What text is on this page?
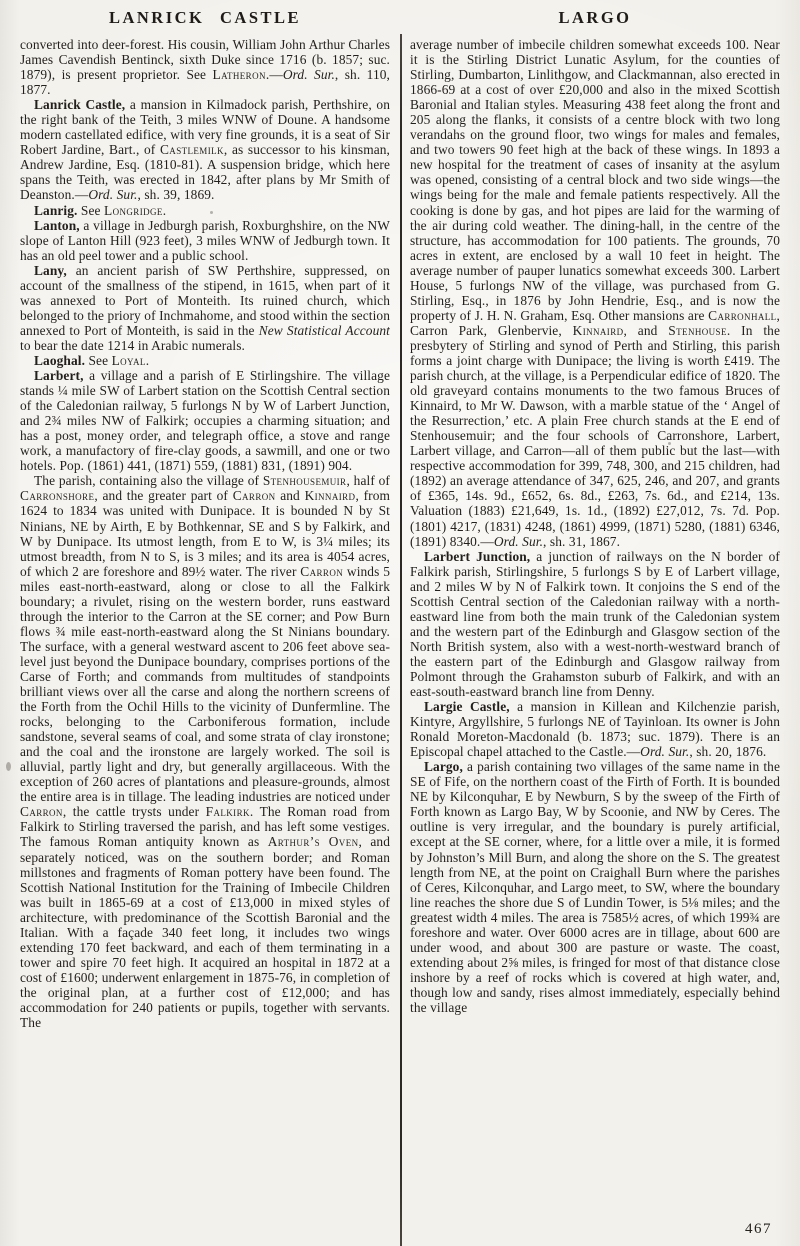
LANRICK CASTLE	LARGO

converted into deer-forest. His cousin, William John Arthur Charles James Cavendish Bentinck, sixth Duke since 1716 (b. 1857; suc. 1879), is present proprietor. See Latheron.—Ord. Sur., sh. 110, 1877.

Lanrick Castle, a mansion in Kilmadock parish, Perthshire, on the right bank of the Teith, 3 miles WNW of Doune. A handsome modern castellated edifice, with very fine grounds, it is a seat of Sir Robert Jardine, Bart., of Castlemilk, as successor to his kinsman, Andrew Jardine, Esq. (1810-81). A suspension bridge, which here spans the Teith, was erected in 1842, after plans by Mr Smith of Deanston.—Ord. Sur., sh. 39, 1869.

Lanrig. See Longridge.

Lanton, a village in Jedburgh parish, Roxburghshire, on the NW slope of Lanton Hill (923 feet), 3 miles WNW of Jedburgh town. It has an old peel tower and a public school.

Lany, an ancient parish of SW Perthshire, suppressed, on account of the smallness of the stipend, in 1615, when part of it was annexed to Port of Monteith. Its ruined church, which belonged to the priory of Inchmahome, and stood within the section annexed to Port of Monteith, is said in the New Statistical Account to bear the date 1214 in Arabic numerals.

Laoghal. See Loyal.

Larbert, a village and a parish of E Stirlingshire. The village stands ¼ mile SW of Larbert station on the Scottish Central section of the Caledonian railway, 5 furlongs N by W of Larbert Junction, and 2¾ miles NW of Falkirk; occupies a charming situation; and has a post, money order, and telegraph office, a stove and range work, a manufactory of fire-clay goods, a sawmill, and one or two hotels. Pop. (1861) 441, (1871) 559, (1881) 831, (1891) 904.

The parish, containing also the village of Stenhousemuir, half of Carronshore, and the greater part of Carron and Kinnaird, from 1624 to 1834 was united with Dunipace. It is bounded N by St Ninians, NE by Airth, E by Bothkennar, SE and S by Falkirk, and W by Dunipace. Its utmost length, from E to W, is 3¼ miles; its utmost breadth, from N to S, is 3 miles; and its area is 4054 acres, of which 2 are foreshore and 89½ water. The river Carron winds 5 miles east-north-eastward, along or close to all the Falkirk boundary; a rivulet, rising on the western border, runs eastward through the interior to the Carron at the SE corner; and Pow Burn flows ¾ mile east-north-eastward along the St Ninians boundary. The surface, with a general westward ascent to 206 feet above sea-level just beyond the Dunipace boundary, comprises portions of the Carse of Forth; and commands from multitudes of standpoints brilliant views over all the carse and along the northern screens of the Forth from the Ochil Hills to the vicinity of Dunfermline. The rocks, belonging to the Carboniferous formation, include sandstone, several seams of coal, and some strata of clay ironstone; and the coal and the ironstone are largely worked. The soil is alluvial, partly light and dry, but generally argillaceous. With the exception of 260 acres of plantations and pleasure-grounds, almost the entire area is in tillage. The leading industries are noticed under Carron, the cattle trysts under Falkirk. The Roman road from Falkirk to Stirling traversed the parish, and has left some vestiges. The famous Roman antiquity known as Arthur’s Oven, and separately noticed, was on the southern border; and Roman millstones and fragments of Roman pottery have been found. The Scottish National Institution for the Training of Imbecile Children was built in 1865-69 at a cost of £13,000 in mixed styles of architecture, with predominance of the Scottish Baronial and the Italian. With a façade 340 feet long, it includes two wings extending 170 feet backward, and each of them terminating in a tower and spire 70 feet high. It acquired an hospital in 1872 at a cost of £1600; underwent enlargement in 1875-76, in completion of the original plan, at a further cost of £12,000; and has accommodation for 240 patients or pupils, together with servants. The

average number of imbecile children somewhat exceeds 100. Near it is the Stirling District Lunatic Asylum, for the counties of Stirling, Dumbarton, Linlithgow, and Clackmannan, also erected in 1866-69 at a cost of over £20,000 and also in the mixed Scottish Baronial and Italian styles. Measuring 438 feet along the front and 205 along the flanks, it consists of a centre block with two long verandahs on the ground floor, two wings for males and females, and two towers 90 feet high at the back of these wings. In 1893 a new hospital for the treatment of cases of insanity at the asylum was opened, consisting of a central block and two side wings—the wings being for the male and female patients respectively. All the cooking is done by gas, and hot pipes are laid for the warming of the air during cold weather. The dining-hall, in the centre of the structure, has accommodation for 100 patients. The grounds, 70 acres in extent, are enclosed by a wall 10 feet in height. The average number of pauper lunatics somewhat exceeds 300. Larbert House, 5 furlongs NW of the village, was purchased from G. Stirling, Esq., in 1876 by John Hendrie, Esq., and is now the property of J. H. N. Graham, Esq. Other mansions are Carronhall, Carron Park, Glenbervie, Kinnaird, and Stenhouse. In the presbytery of Stirling and synod of Perth and Stirling, this parish forms a joint charge with Dunipace; the living is worth £419. The parish church, at the village, is a Perpendicular edifice of 1820. The old graveyard contains monuments to the two famous Bruces of Kinnaird, to Mr W. Dawson, with a marble statue of the ‘ Angel of the Resurrection,’ etc. A plain Free church stands at the E end of Stenhousemuir; and the four schools of Carronshore, Larbert, Larbert village, and Carron—all of them public but the last—with respective accommodation for 399, 748, 300, and 215 children, had (1892) an average attendance of 347, 625, 246, and 207, and grants of £365, 14s. 9d., £652, 6s. 8d., £263, 7s. 6d., and £214, 13s. Valuation (1883) £21,649, 1s. 1d., (1892) £27,012, 7s. 7d. Pop. (1801) 4217, (1831) 4248, (1861) 4999, (1871) 5280, (1881) 6346, (1891) 8340.—Ord. Sur., sh. 31, 1867.

Larbert Junction, a junction of railways on the N border of Falkirk parish, Stirlingshire, 5 furlongs S by E of Larbert village, and 2 miles W by N of Falkirk town. It conjoins the S end of the Scottish Central section of the Caledonian railway with a north-eastward line from both the main trunk of the Caledonian system and the western part of the Edinburgh and Glasgow section of the North British system, also with a west-north-westward branch of the eastern part of the Edinburgh and Glasgow railway from Polmont through the Grahamston suburb of Falkirk, and with an east-south-eastward branch line from Denny.

Largie Castle, a mansion in Killean and Kilchenzie parish, Kintyre, Argyllshire, 5 furlongs NE of Tayinloan. Its owner is John Ronald Moreton-Macdonald (b. 1873; suc. 1879). There is an Episcopal chapel attached to the Castle.—Ord. Sur., sh. 20, 1876.

Largo, a parish containing two villages of the same name in the SE of Fife, on the northern coast of the Firth of Forth. It is bounded NE by Kilconquhar, E by Newburn, S by the sweep of the Firth of Forth known as Largo Bay, W by Scoonie, and NW by Ceres. The outline is very irregular, and the boundary is purely artificial, except at the SE corner, where, for a little over a mile, it is formed by Johnston’s Mill Burn, and along the shore on the S. The greatest length from NE, at the point on Craighall Burn where the parishes of Ceres, Kilconquhar, and Largo meet, to SW, where the boundary line reaches the shore due S of Lundin Tower, is 5⅛ miles; and the greatest width 4 miles. The area is 7585½ acres, of which 199¾ are foreshore and water. Over 6000 acres are in tillage, about 600 are under wood, and about 300 are pasture or waste. The coast, extending about 2⅝ miles, is fringed for most of that distance close inshore by a reef of rocks which is covered at high water, and, though low and sandy, rises almost immediately, especially behind the village

467
